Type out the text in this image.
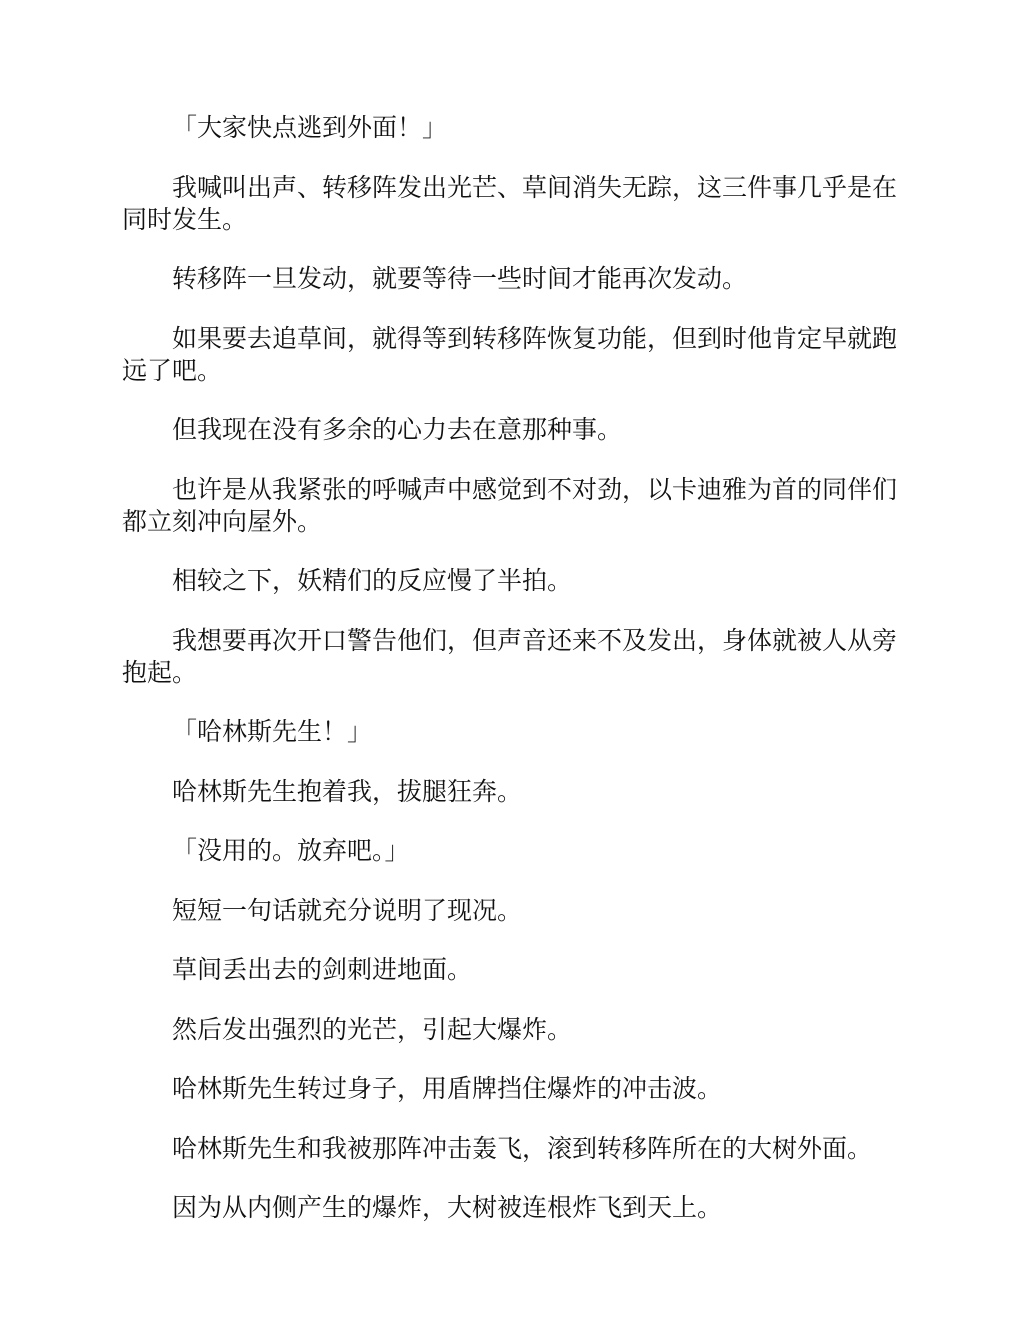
「大家快点逃到外面！」

我喊叫出声、转移阵发出光芒、草间消失无踪，这三件事几乎是在同时发生。

转移阵一旦发动，就要等待一些时间才能再次发动。

如果要去追草间，就得等到转移阵恢复功能，但到时他肯定早就跑远了吧。

但我现在没有多余的心力去在意那种事。

也许是从我紧张的呼喊声中感觉到不对劲，以卡迪雅为首的同伴们都立刻冲向屋外。

相较之下，妖精们的反应慢了半拍。

我想要再次开口警告他们，但声音还来不及发出，身体就被人从旁抱起。

「哈林斯先生！」

哈林斯先生抱着我，拔腿狂奔。

「没用的。放弃吧。」

短短一句话就充分说明了现况。

草间丢出去的剑刺进地面。

然后发出强烈的光芒，引起大爆炸。

哈林斯先生转过身子，用盾牌挡住爆炸的冲击波。

哈林斯先生和我被那阵冲击轰飞，滚到转移阵所在的大树外面。

因为从内侧产生的爆炸，大树被连根炸飞到天上。
